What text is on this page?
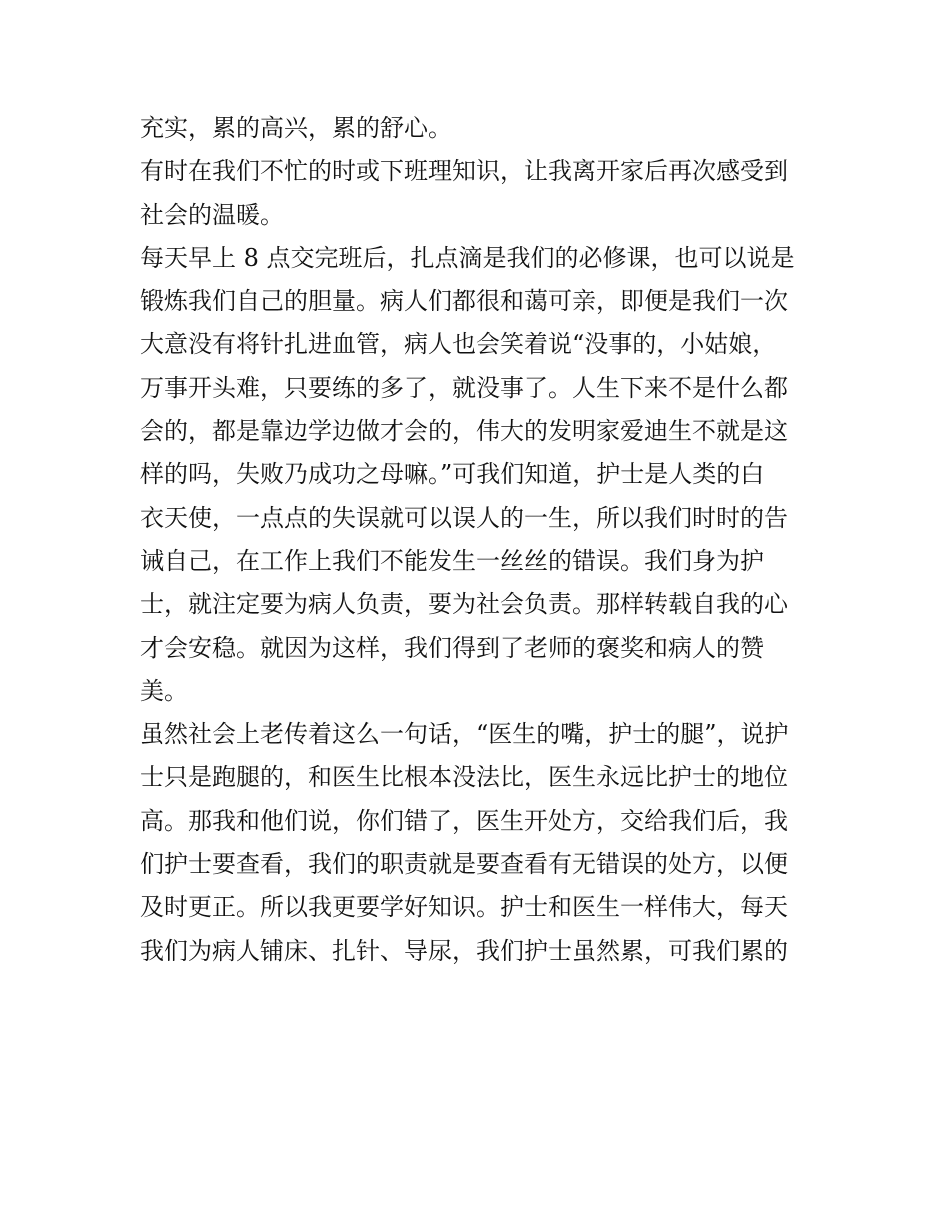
充实，累的高兴，累的舒心。
有时在我们不忙的时或下班理知识，让我离开家后再次感受到
社会的温暖。
每天早上 8 点交完班后，扎点滴是我们的必修课，也可以说是
锻炼我们自己的胆量。病人们都很和蔼可亲，即便是我们一次
大意没有将针扎进血管，病人也会笑着说“没事的，小姑娘，
万事开头难，只要练的多了，就没事了。人生下来不是什么都
会的，都是靠边学边做才会的，伟大的发明家爱迪生不就是这
样的吗，失败乃成功之母嘛。”可我们知道，护士是人类的白
衣天使，一点点的失误就可以误人的一生，所以我们时时的告
诫自己，在工作上我们不能发生一丝丝的错误。我们身为护
士，就注定要为病人负责，要为社会负责。那样转载自我的心
才会安稳。就因为这样，我们得到了老师的褒奖和病人的赞
美。
虽然社会上老传着这么一句话，“医生的嘴，护士的腿”，说护
士只是跑腿的，和医生比根本没法比，医生永远比护士的地位
高。那我和他们说，你们错了，医生开处方，交给我们后，我
们护士要查看，我们的职责就是要查看有无错误的处方，以便
及时更正。所以我更要学好知识。护士和医生一样伟大，每天
我们为病人铺床、扎针、导尿，我们护士虽然累，可我们累的
